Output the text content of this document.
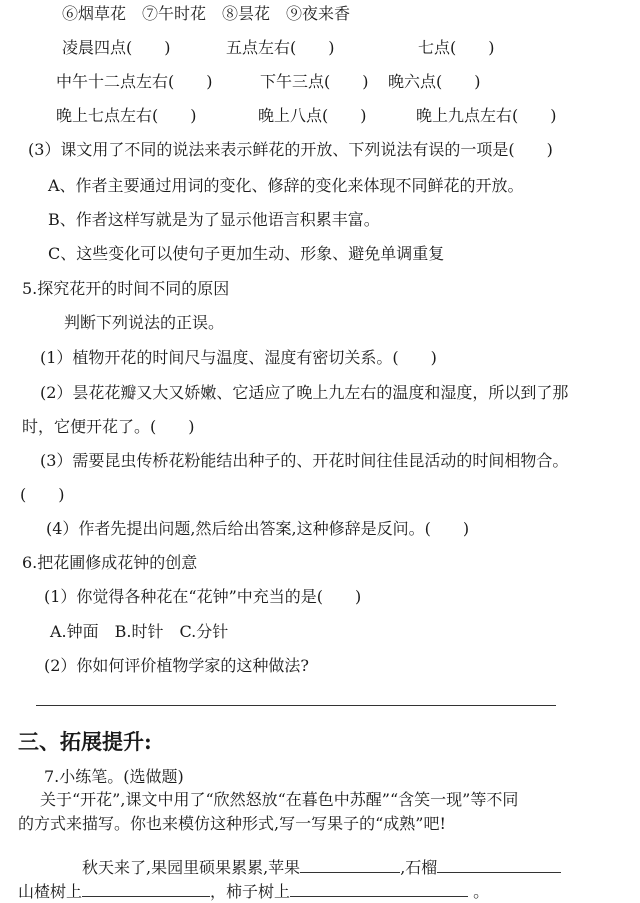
⑥烟草花　⑦午时花　⑧昙花　⑨夜来香
凌晨四点(　　)	五点左右(　　)	七点(　　)
中午十二点左右(　　)	下午三点(　　) 晚六点(　　)
晚上七点左右(　　)	晚上八点(　　)	晚上九点左右(　　)
(3）课文用了不同的说法来表示鲜花的开放、下列说法有误的一项是(　　)
A、作者主要通过用词的变化、修辞的变化来体现不同鲜花的开放。
B、作者这样写就是为了显示他语言积累丰富。
C、这些变化可以使句子更加生动、形象、避免单调重复
5.探究花开的时间不同的原因
判断下列说法的正误。
(1）植物开花的时间尺与温度、湿度有密切关系。(　　)
(2）昙花花瓣又大又娇嫩、它适应了晚上九左右的温度和湿度，所以到了那
时，它便开花了。(　　)
(3）需要昆虫传桥花粉能结出种子的、开花时间往佳昆活动的时间相物合。
(　　)
(4）作者先提出问题,然后给出答案,这种修辞是反问。(　　)
6.把花圃修成花钟的创意
(1）你觉得各种花在“花钟”中充当的是(　　)
A.钟面　B.时针　C.分针
(2）你如何评价植物学家的这种做法?
三、拓展提升:
7.小练笔。(选做题)
关于“开花”,课文中用了“欣然怒放“在暮色中苏醒”“含笑一现”等不同
的方式来描写。你也来模仿这种形式,写一写果子的“成熟”吧!
秋天来了,果园里硕果累累,苹果	,石榴
山楂树上	，柿子树上	。
